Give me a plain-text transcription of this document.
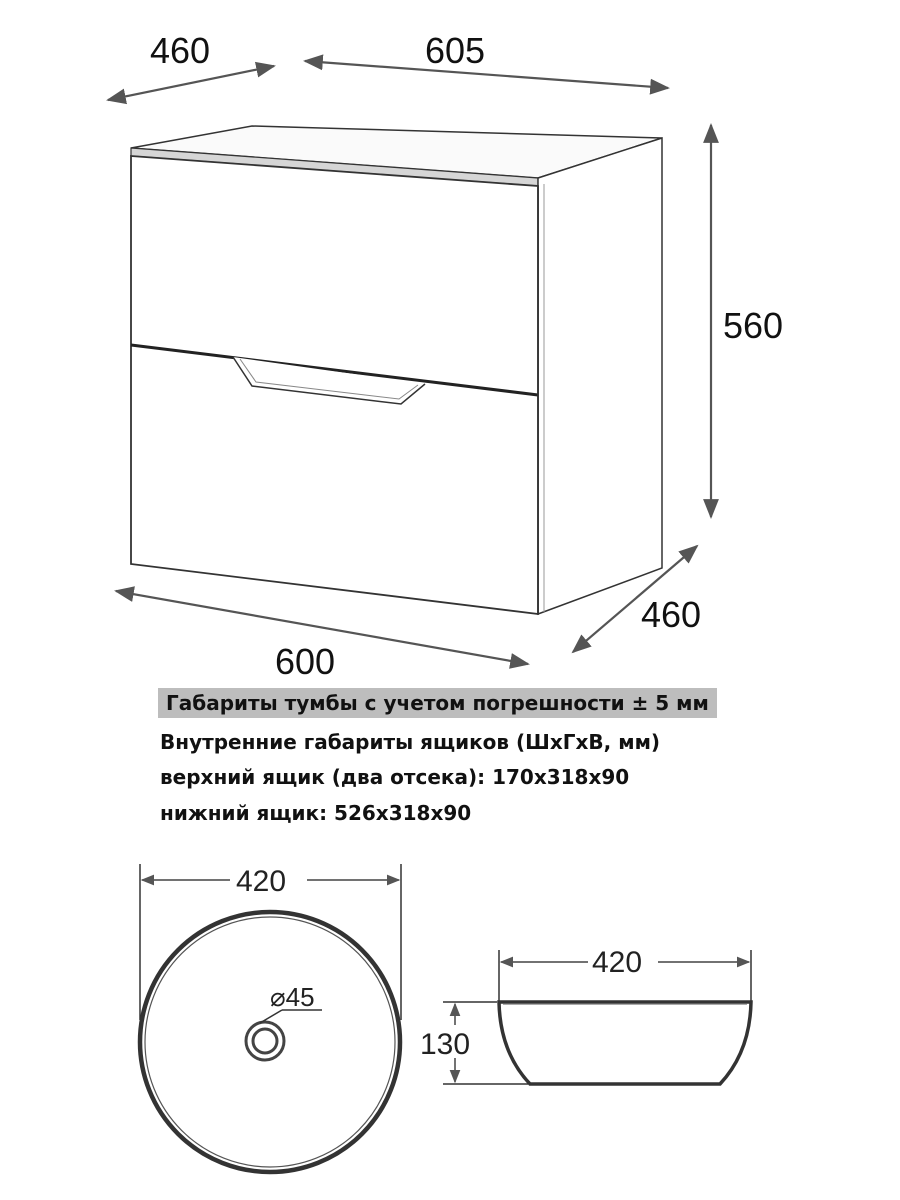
460	605
560
460
600
420
⌀45
420
130
Габариты тумбы с учетом погрешности ± 5 мм
Внутренние габариты ящиков (ШхГхВ, мм)
верхний ящик (два отсека): 170х318х90
нижний ящик: 526х318х90
